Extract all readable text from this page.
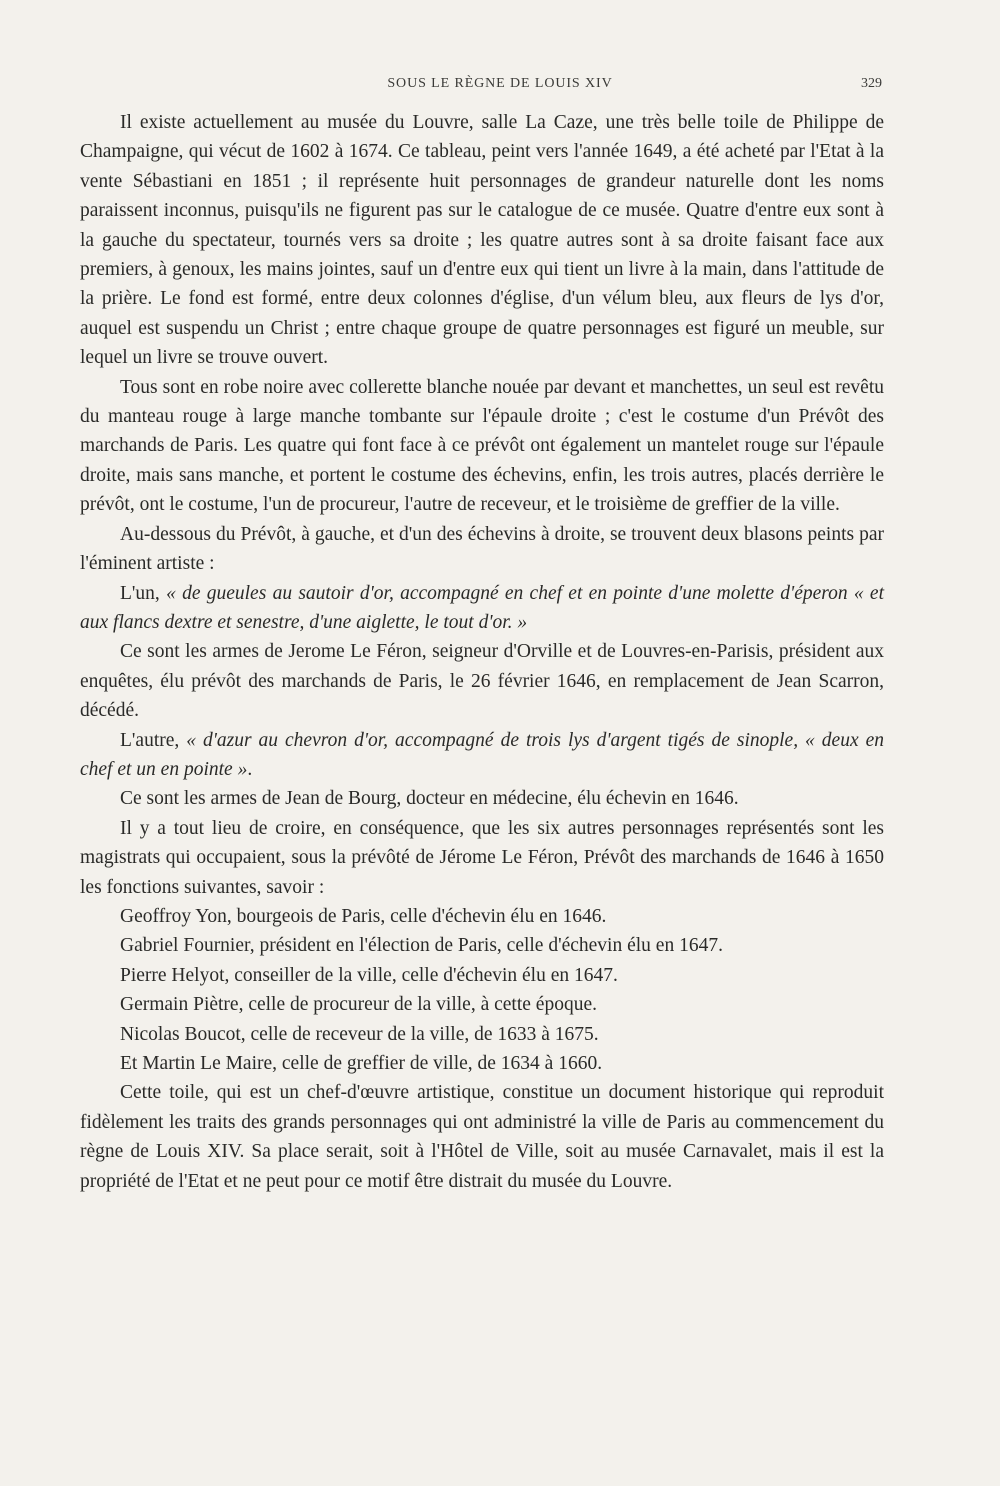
SOUS LE RÈGNE DE LOUIS XIV	329

Il existe actuellement au musée du Louvre, salle La Caze, une très belle toile de Philippe de Champaigne, qui vécut de 1602 à 1674. Ce tableau, peint vers l'année 1649, a été acheté par l'Etat à la vente Sébastiani en 1851 ; il représente huit personnages de grandeur naturelle dont les noms paraissent inconnus, puisqu'ils ne figurent pas sur le catalogue de ce musée. Quatre d'entre eux sont à la gauche du spectateur, tournés vers sa droite ; les quatre autres sont à sa droite faisant face aux premiers, à genoux, les mains jointes, sauf un d'entre eux qui tient un livre à la main, dans l'attitude de la prière. Le fond est formé, entre deux colonnes d'église, d'un vélum bleu, aux fleurs de lys d'or, auquel est suspendu un Christ ; entre chaque groupe de quatre personnages est figuré un meuble, sur lequel un livre se trouve ouvert.

Tous sont en robe noire avec collerette blanche nouée par devant et manchettes, un seul est revêtu du manteau rouge à large manche tombante sur l'épaule droite ; c'est le costume d'un Prévôt des marchands de Paris. Les quatre qui font face à ce prévôt ont également un mantelet rouge sur l'épaule droite, mais sans manche, et portent le costume des échevins, enfin, les trois autres, placés derrière le prévôt, ont le costume, l'un de procureur, l'autre de receveur, et le troisième de greffier de la ville.

Au-dessous du Prévôt, à gauche, et d'un des échevins à droite, se trouvent deux blasons peints par l'éminent artiste :

L'un, « de gueules au sautoir d'or, accompagné en chef et en pointe d'une molette d'éperon « et aux flancs dextre et senestre, d'une aiglette, le tout d'or. »

Ce sont les armes de Jerome Le Féron, seigneur d'Orville et de Louvres-en-Parisis, président aux enquêtes, élu prévôt des marchands de Paris, le 26 février 1646, en remplacement de Jean Scarron, décédé.

L'autre, « d'azur au chevron d'or, accompagné de trois lys d'argent tigés de sinople, « deux en chef et un en pointe ».

Ce sont les armes de Jean de Bourg, docteur en médecine, élu échevin en 1646.

Il y a tout lieu de croire, en conséquence, que les six autres personnages représentés sont les magistrats qui occupaient, sous la prévôté de Jérome Le Féron, Prévôt des marchands de 1646 à 1650 les fonctions suivantes, savoir :

Geoffroy Yon, bourgeois de Paris, celle d'échevin élu en 1646.

Gabriel Fournier, président en l'élection de Paris, celle d'échevin élu en 1647.

Pierre Helyot, conseiller de la ville, celle d'échevin élu en 1647.

Germain Piètre, celle de procureur de la ville, à cette époque.

Nicolas Boucot, celle de receveur de la ville, de 1633 à 1675.

Et Martin Le Maire, celle de greffier de ville, de 1634 à 1660.

Cette toile, qui est un chef-d'œuvre artistique, constitue un document historique qui reproduit fidèlement les traits des grands personnages qui ont administré la ville de Paris au commencement du règne de Louis XIV. Sa place serait, soit à l'Hôtel de Ville, soit au musée Carnavalet, mais il est la propriété de l'Etat et ne peut pour ce motif être distrait du musée du Louvre.
